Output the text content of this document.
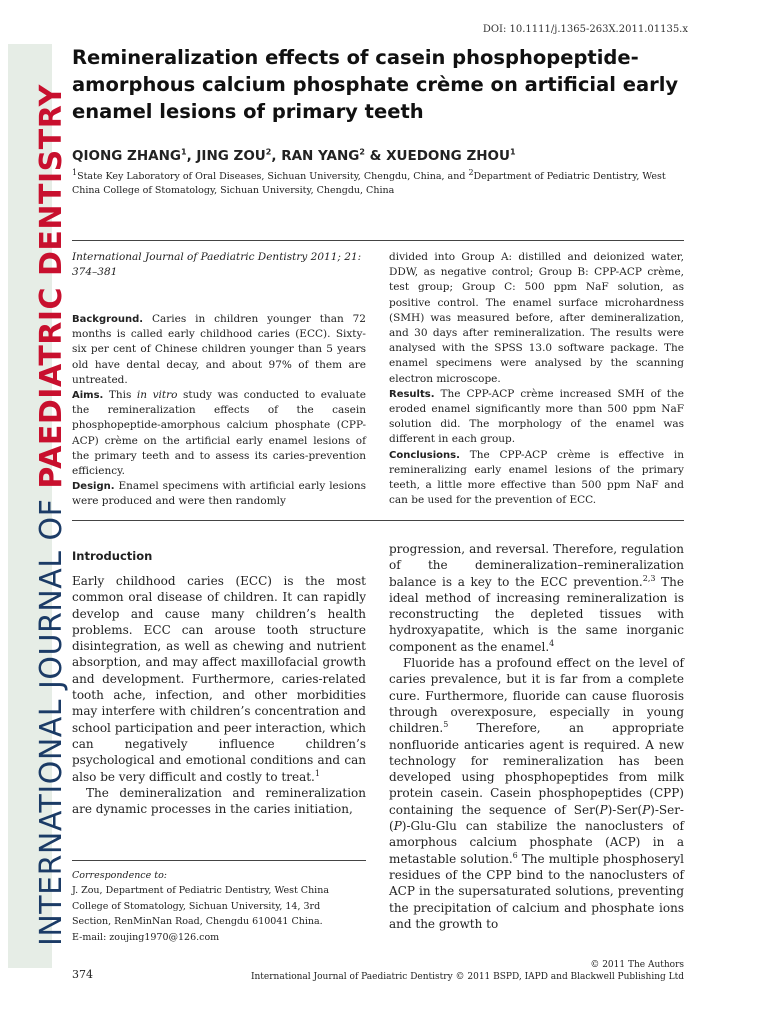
DOI: 10.1111/j.1365-263X.2011.01135.x
INTERNATIONAL JOURNAL OF PAEDIATRIC DENTISTRY
Remineralization effects of casein phosphopeptide-amorphous calcium phosphate crème on artificial early enamel lesions of primary teeth
QIONG ZHANG$^1$, JING ZOU$^2$, RAN YANG$^2$ & XUEDONG ZHOU$^1$
$^1$State Key Laboratory of Oral Diseases, Sichuan University, Chengdu, China, and $^2$Department of Pediatric Dentistry, West China College of Stomatology, Sichuan University, Chengdu, China
International Journal of Paediatric Dentistry 2011; 21: 374–381
Background. Caries in children younger than 72 months is called early childhood caries (ECC). Sixty-six per cent of Chinese children younger than 5 years old have dental decay, and about 97% of them are untreated.
Aims. This in vitro study was conducted to evaluate the remineralization effects of the casein phosphopeptide-amorphous calcium phosphate (CPP-ACP) crème on the artificial early enamel lesions of the primary teeth and to assess its caries-prevention efficiency.
Design. Enamel specimens with artificial early lesions were produced and were then randomly
divided into Group A: distilled and deionized water, DDW, as negative control; Group B: CPP-ACP crème, test group; Group C: 500 ppm NaF solution, as positive control. The enamel surface microhardness (SMH) was measured before, after demineralization, and 30 days after remineralization. The results were analysed with the SPSS 13.0 software package. The enamel specimens were analysed by the scanning electron microscope.
Results. The CPP-ACP crème increased SMH of the eroded enamel significantly more than 500 ppm NaF solution did. The morphology of the enamel was different in each group.
Conclusions. The CPP-ACP crème is effective in remineralizing early enamel lesions of the primary teeth, a little more effective than 500 ppm NaF and can be used for the prevention of ECC.
Introduction

Early childhood caries (ECC) is the most common oral disease of children. It can rapidly develop and cause many children’s health problems. ECC can arouse tooth structure disintegration, as well as chewing and nutrient absorption, and may affect maxillofacial growth and development. Furthermore, caries-related tooth ache, infection, and other morbidities may interfere with children’s concentration and school participation and peer interaction, which can negatively influence children’s psychological and emotional conditions and can also be very difficult and costly to treat.$^1$

The demineralization and remineralization are dynamic processes in the caries initiation,

progression, and reversal. Therefore, regulation of the demineralization–remineralization balance is a key to the ECC prevention.$^{2,3}$ The ideal method of increasing remineralization is reconstructing the depleted tissues with hydroxyapatite, which is the same inorganic component as the enamel.$^4$

Fluoride has a profound effect on the level of caries prevalence, but it is far from a complete cure. Furthermore, fluoride can cause fluorosis through overexposure, especially in young children.$^5$ Therefore, an appropriate nonfluoride anticaries agent is required. A new technology for remineralization has been developed using phosphopeptides from milk protein casein. Casein phosphopeptides (CPP) containing the sequence of Ser(P)-Ser(P)-Ser-(P)-Glu-Glu can stabilize the nanoclusters of amorphous calcium phosphate (ACP) in a metastable solution.$^6$ The multiple phosphoseryl residues of the CPP bind to the nanoclusters of ACP in the supersaturated solutions, preventing the precipitation of calcium and phosphate ions and the growth to

Correspondence to:
J. Zou, Department of Pediatric Dentistry, West China
College of Stomatology, Sichuan University, 14, 3rd
Section, RenMinNan Road, Chengdu 610041 China.
E-mail: zoujing1970@126.com
374
© 2011 The Authors
International Journal of Paediatric Dentistry © 2011 BSPD, IAPD and Blackwell Publishing Ltd
